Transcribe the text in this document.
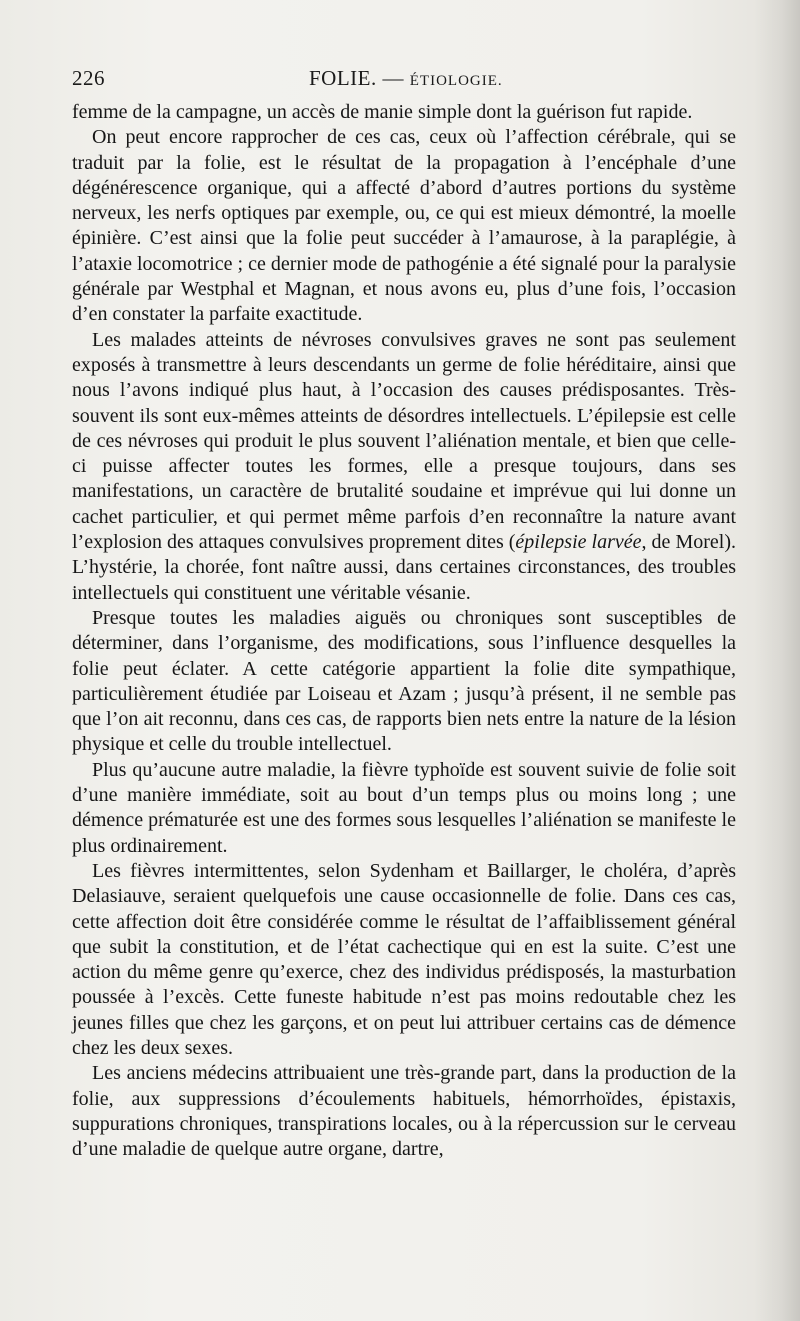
226	FOLIE. — ÉTIOLOGIE.

femme de la campagne, un accès de manie simple dont la guérison fut rapide.

On peut encore rapprocher de ces cas, ceux où l’affection cérébrale, qui se traduit par la folie, est le résultat de la propagation à l’encéphale d’une dégénérescence organique, qui a affecté d’abord d’autres portions du système nerveux, les nerfs optiques par exemple, ou, ce qui est mieux démontré, la moelle épinière. C’est ainsi que la folie peut succéder à l’amaurose, à la paraplégie, à l’ataxie locomotrice ; ce dernier mode de pathogénie a été signalé pour la paralysie générale par Westphal et Magnan, et nous avons eu, plus d’une fois, l’occasion d’en constater la parfaite exactitude.

Les malades atteints de névroses convulsives graves ne sont pas seulement exposés à transmettre à leurs descendants un germe de folie héréditaire, ainsi que nous l’avons indiqué plus haut, à l’occasion des causes prédisposantes. Très-souvent ils sont eux-mêmes atteints de désordres intellectuels. L’épilepsie est celle de ces névroses qui produit le plus souvent l’aliénation mentale, et bien que celle-ci puisse affecter toutes les formes, elle a presque toujours, dans ses manifestations, un caractère de brutalité soudaine et imprévue qui lui donne un cachet particulier, et qui permet même parfois d’en reconnaître la nature avant l’explosion des attaques convulsives proprement dites (épilepsie larvée, de Morel). L’hystérie, la chorée, font naître aussi, dans certaines circonstances, des troubles intellectuels qui constituent une véritable vésanie.

Presque toutes les maladies aiguës ou chroniques sont susceptibles de déterminer, dans l’organisme, des modifications, sous l’influence desquelles la folie peut éclater. A cette catégorie appartient la folie dite sympathique, particulièrement étudiée par Loiseau et Azam ; jusqu’à présent, il ne semble pas que l’on ait reconnu, dans ces cas, de rapports bien nets entre la nature de la lésion physique et celle du trouble intellectuel.

Plus qu’aucune autre maladie, la fièvre typhoïde est souvent suivie de folie soit d’une manière immédiate, soit au bout d’un temps plus ou moins long ; une démence prématurée est une des formes sous lesquelles l’aliénation se manifeste le plus ordinairement.

Les fièvres intermittentes, selon Sydenham et Baillarger, le choléra, d’après Delasiauve, seraient quelquefois une cause occasionnelle de folie. Dans ces cas, cette affection doit être considérée comme le résultat de l’affaiblissement général que subit la constitution, et de l’état cachectique qui en est la suite. C’est une action du même genre qu’exerce, chez des individus prédisposés, la masturbation poussée à l’excès. Cette funeste habitude n’est pas moins redoutable chez les jeunes filles que chez les garçons, et on peut lui attribuer certains cas de démence chez les deux sexes.

Les anciens médecins attribuaient une très-grande part, dans la production de la folie, aux suppressions d’écoulements habituels, hémorrhoïdes, épistaxis, suppurations chroniques, transpirations locales, ou à la répercussion sur le cerveau d’une maladie de quelque autre organe, dartre,
